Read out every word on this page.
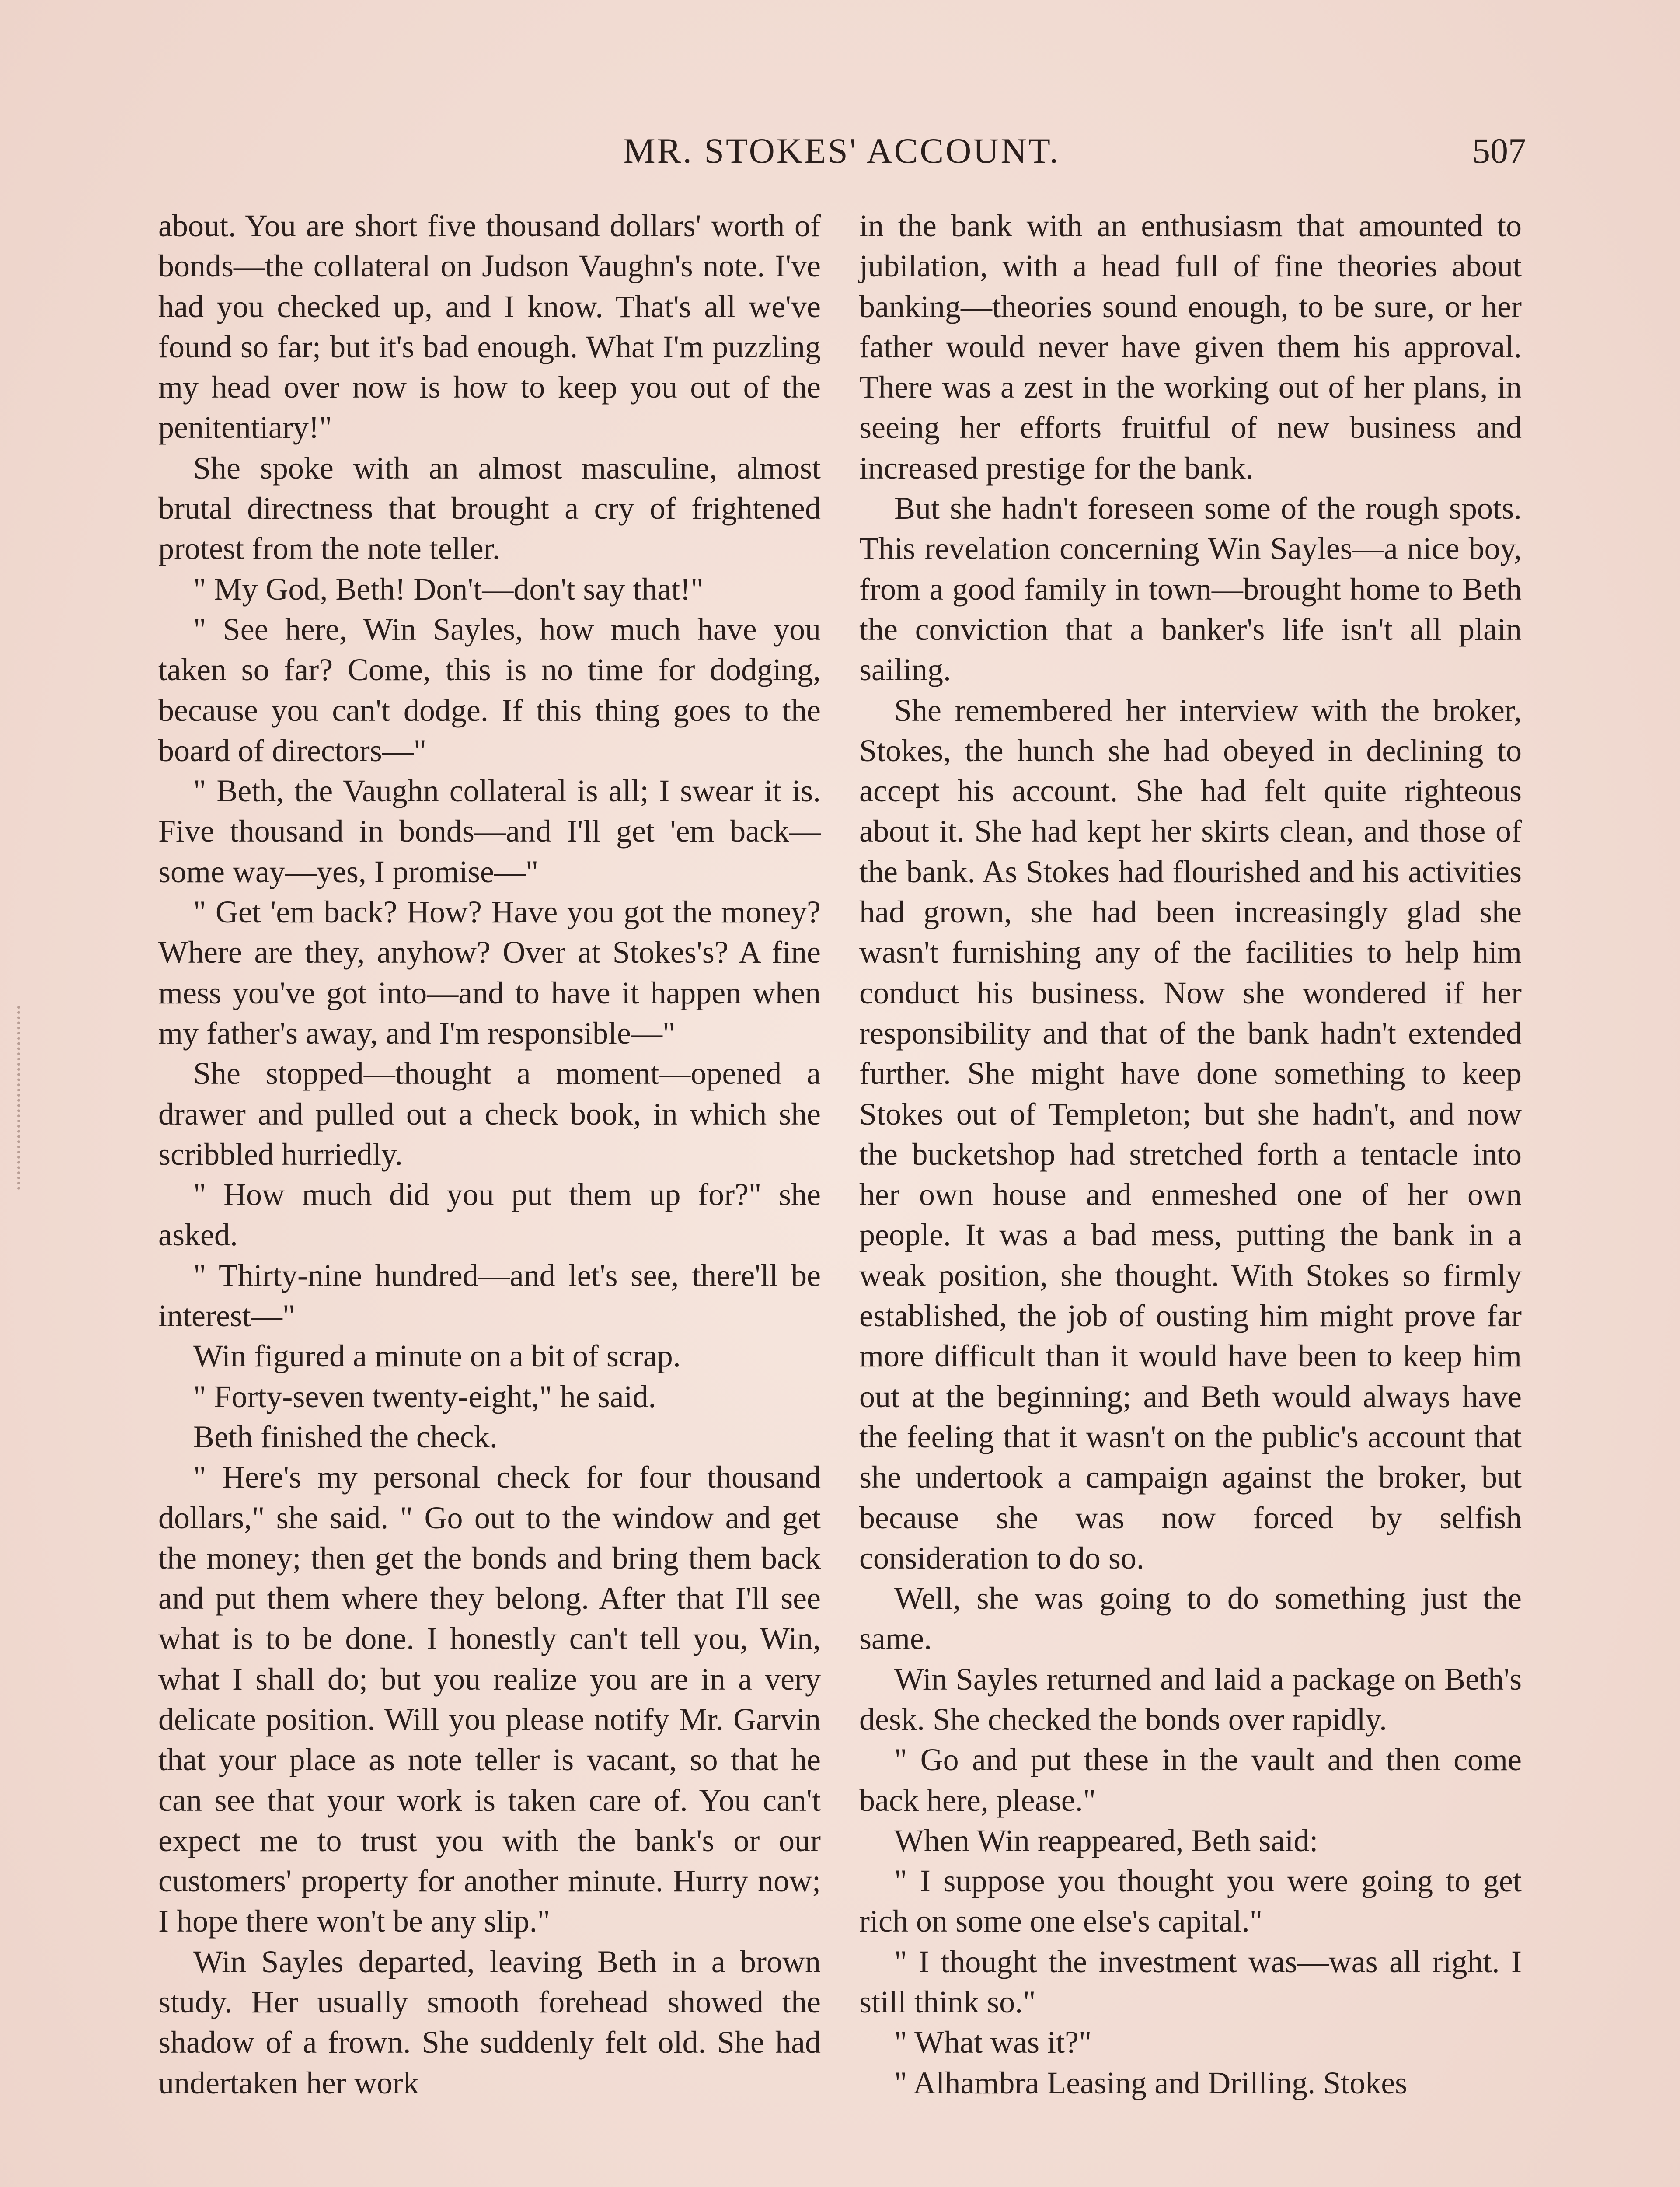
MR. STOKES' ACCOUNT.	507

about. You are short five thousand dollars' worth of bonds—the collateral on Judson Vaughn's note. I've had you checked up, and I know. That's all we've found so far; but it's bad enough. What I'm puzzling my head over now is how to keep you out of the penitentiary!"

She spoke with an almost masculine, almost brutal directness that brought a cry of frightened protest from the note teller.

" My God, Beth! Don't—don't say that!"

" See here, Win Sayles, how much have you taken so far? Come, this is no time for dodging, because you can't dodge. If this thing goes to the board of directors—"

" Beth, the Vaughn collateral is all; I swear it is. Five thousand in bonds—and I'll get 'em back—some way—yes, I promise—"

" Get 'em back? How? Have you got the money? Where are they, anyhow? Over at Stokes's? A fine mess you've got into—and to have it happen when my father's away, and I'm responsible—"

She stopped—thought a moment—opened a drawer and pulled out a check book, in which she scribbled hurriedly.

" How much did you put them up for?" she asked.

" Thirty-nine hundred—and let's see, there'll be interest—"

Win figured a minute on a bit of scrap.

" Forty-seven twenty-eight," he said.

Beth finished the check.

" Here's my personal check for four thousand dollars," she said. " Go out to the window and get the money; then get the bonds and bring them back and put them where they belong. After that I'll see what is to be done. I honestly can't tell you, Win, what I shall do; but you realize you are in a very delicate position. Will you please notify Mr. Garvin that your place as note teller is vacant, so that he can see that your work is taken care of. You can't expect me to trust you with the bank's or our customers' property for another minute. Hurry now; I hope there won't be any slip."

Win Sayles departed, leaving Beth in a brown study. Her usually smooth forehead showed the shadow of a frown. She suddenly felt old. She had undertaken her work

in the bank with an enthusiasm that amounted to jubilation, with a head full of fine theories about banking—theories sound enough, to be sure, or her father would never have given them his approval. There was a zest in the working out of her plans, in seeing her efforts fruitful of new business and increased prestige for the bank.

But she hadn't foreseen some of the rough spots. This revelation concerning Win Sayles—a nice boy, from a good family in town—brought home to Beth the conviction that a banker's life isn't all plain sailing.

She remembered her interview with the broker, Stokes, the hunch she had obeyed in declining to accept his account. She had felt quite righteous about it. She had kept her skirts clean, and those of the bank. As Stokes had flourished and his activities had grown, she had been increasingly glad she wasn't furnishing any of the facilities to help him conduct his business. Now she wondered if her responsibility and that of the bank hadn't extended further. She might have done something to keep Stokes out of Templeton; but she hadn't, and now the bucketshop had stretched forth a tentacle into her own house and enmeshed one of her own people. It was a bad mess, putting the bank in a weak position, she thought. With Stokes so firmly established, the job of ousting him might prove far more difficult than it would have been to keep him out at the beginning; and Beth would always have the feeling that it wasn't on the public's account that she undertook a campaign against the broker, but because she was now forced by selfish consideration to do so.

Well, she was going to do something just the same.

Win Sayles returned and laid a package on Beth's desk. She checked the bonds over rapidly.

" Go and put these in the vault and then come back here, please."

When Win reappeared, Beth said:

" I suppose you thought you were going to get rich on some one else's capital."

" I thought the investment was—was all right. I still think so."

" What was it?"

" Alhambra Leasing and Drilling. Stokes
